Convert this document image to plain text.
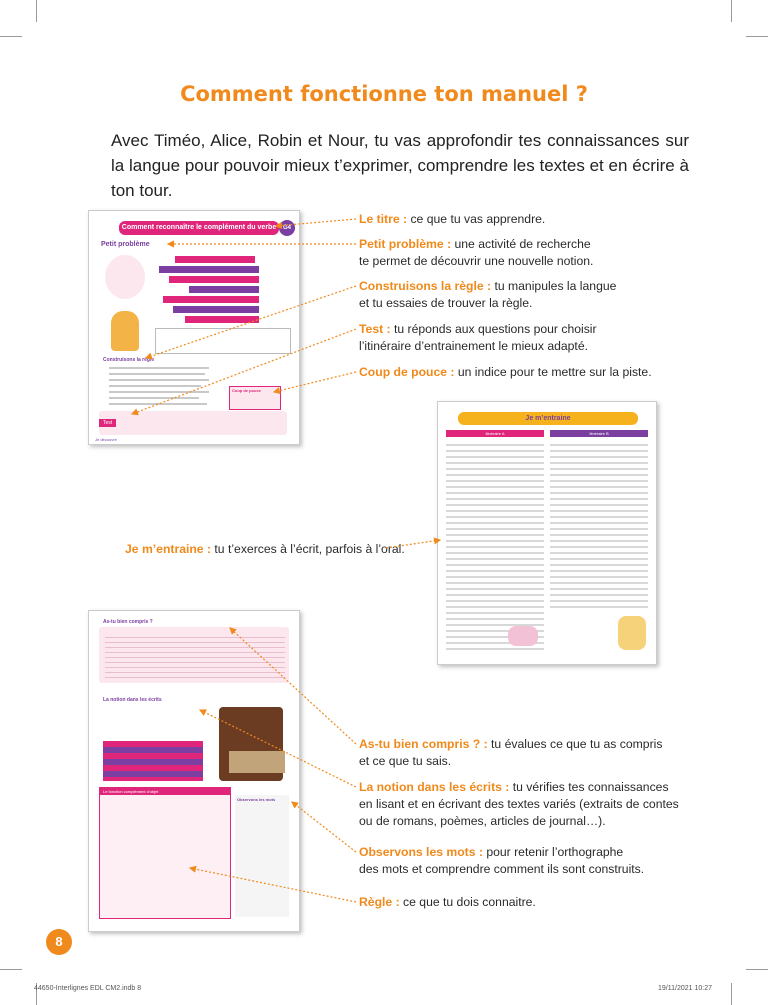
Comment fonctionne ton manuel ?
Avec Timéo, Alice, Robin et Nour, tu vas approfondir tes connaissances sur la langue pour pouvoir mieux t’exprimer, comprendre les textes et en écrire à ton tour.
Comment reconnaître le complément du verbe ?
G4
Petit problème
Construisons la règle
Coup de pouce
Test
Je découvre
Je m’entraine
Itinéraire A	Itinéraire B
As-tu bien compris ?
La notion dans les écrits
Le fonction complément d’objet
Observons les mots
Le titre : ce que tu vas apprendre.
Petit problème : une activité de recherche
te permet de découvrir une nouvelle notion.
Construisons la règle : tu manipules la langue
et tu essaies de trouver la règle.
Test : tu réponds aux questions pour choisir
l’itinéraire d’entrainement le mieux adapté.
Coup de pouce : un indice pour te mettre sur la piste.
Je m’entraine : tu t’exerces à l’écrit, parfois à l’oral.
As-tu bien compris ? : tu évalues ce que tu as compris
et ce que tu sais.
La notion dans les écrits : tu vérifies tes connaissances
en lisant et en écrivant des textes variés (extraits de contes
ou de romans, poèmes, articles de journal…).
Observons les mots : pour retenir l’orthographe
des mots et comprendre comment ils sont construits.
Règle : ce que tu dois connaitre.
8
44650-Interlignes EDL CM2.indb 8	19/11/2021 10:27
